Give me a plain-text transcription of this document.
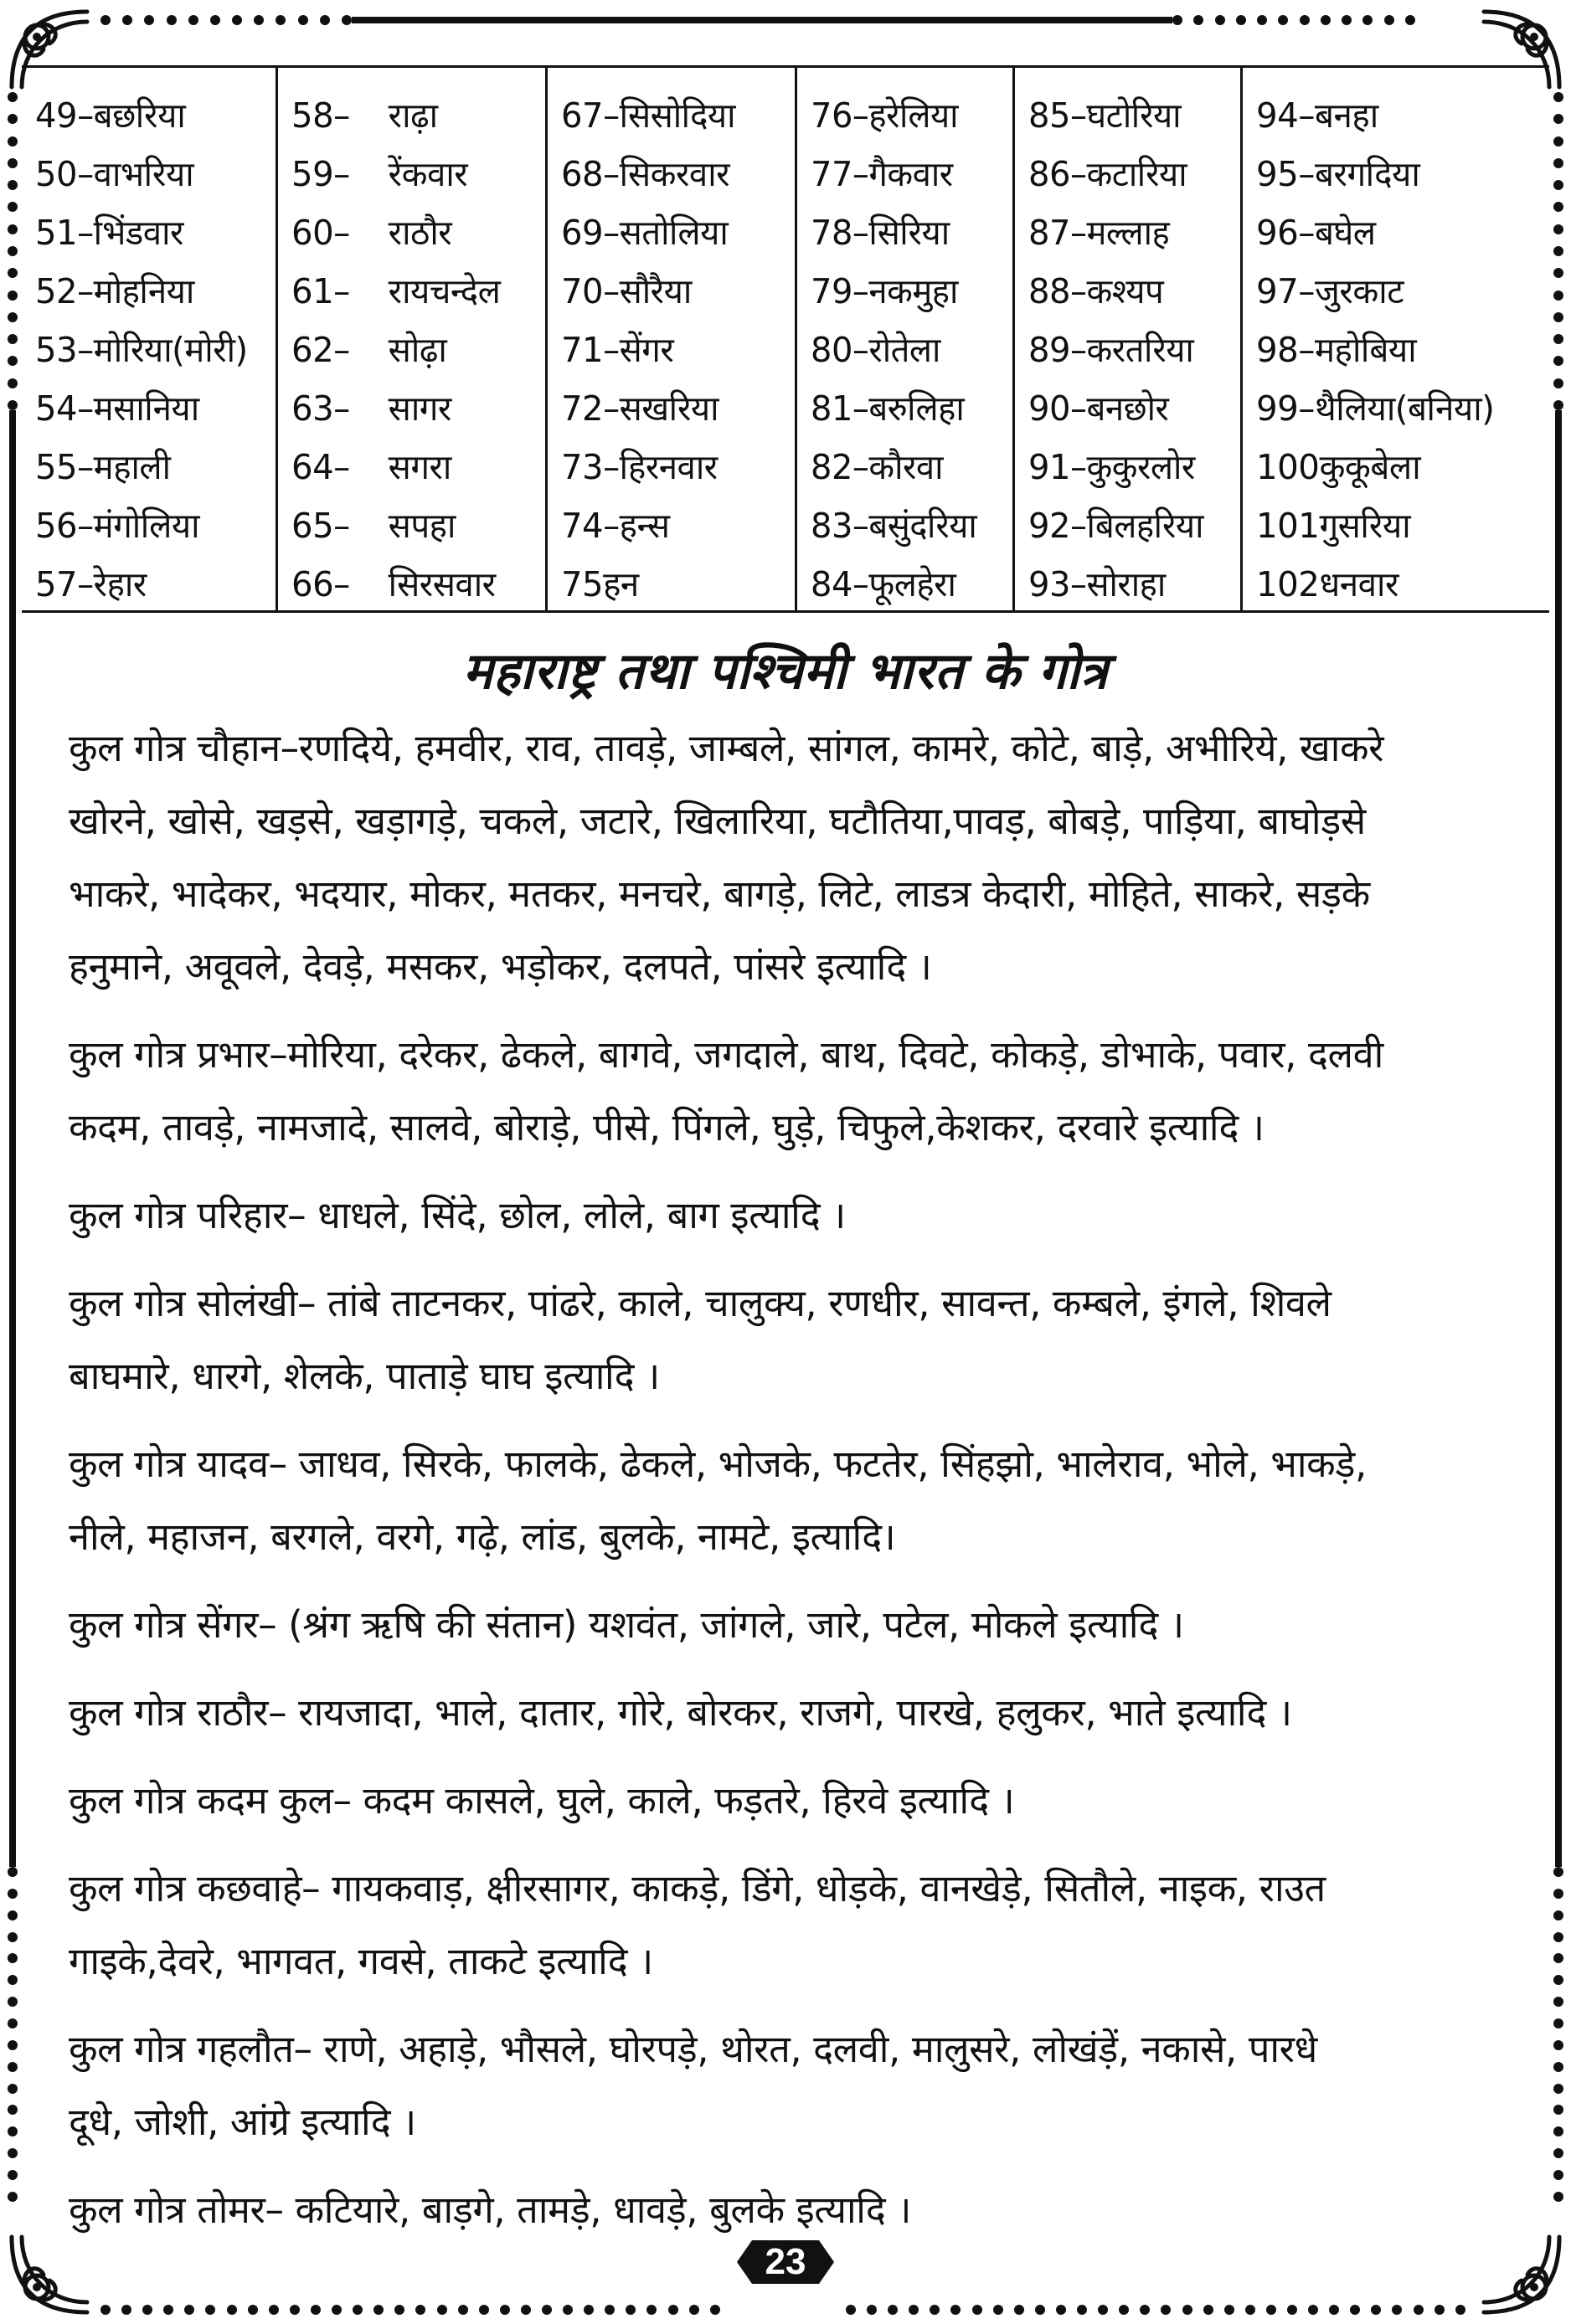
49–बछरिया
50–वाभरिया
51–भिंडवार
52–मोहनिया
53–मोरिया(मोरी)
54–मसानिया
55–महाली
56–मंगोलिया
57–रेहार
58– राढ़ा
59– रेंकवार
60– राठौर
61– रायचन्देल
62– सोढ़ा
63– सागर
64– सगरा
65– सपहा
66– सिरसवार
67–सिसोदिया
68–सिकरवार
69–सतोलिया
70–सौरैया
71–सेंगर
72–सखरिया
73–हिरनवार
74–हन्स
75हन
76–हरेलिया
77–गैकवार
78–सिरिया
79–नकमुहा
80–रोतेला
81–बरुलिहा
82–कौरवा
83–बसुंदरिया
84–फूलहेरा
85–घटोरिया
86–कटारिया
87–मल्लाह
88–कश्यप
89–करतरिया
90–बनछोर
91–कुकुरलोर
92–बिलहरिया
93–सोराहा
94–बनहा
95–बरगदिया
96–बघेल
97–जुरकाट
98–महोबिया
99–थैलिया(बनिया)
100कुकूबेला
101गुसरिया
102धनवार
महाराष्ट्र तथा पश्चिमी भारत के गोत्र
कुल गोत्र चौहान–रणदिये, हमवीर, राव, तावड़े, जाम्बले, सांगल, कामरे, कोटे, बाड़े, अभीरिये, खाकरे
खोरने, खोसे, खड़से, खड़ागड़े, चकले, जटारे, खिलारिया, घटौतिया,पावड़, बोबड़े, पाड़िया, बाघोड़से
भाकरे, भादेकर, भदयार, मोकर, मतकर, मनचरे, बागड़े, लिटे, लाडत्र केदारी, मोहिते, साकरे, सड़के
हनुमाने, अवूवले, देवड़े, मसकर, भड़ोकर, दलपते, पांसरे इत्यादि ।
कुल गोत्र प्रभार–मोरिया, दरेकर, ढेकले, बागवे, जगदाले, बाथ, दिवटे, कोकड़े, डोभाके, पवार, दलवी
कदम, तावड़े, नामजादे, सालवे, बोराड़े, पीसे, पिंगले, घुड़े, चिफुले,केशकर, दरवारे इत्यादि ।
कुल गोत्र परिहार– धाधले, सिंदे, छोल, लोले, बाग इत्यादि ।
कुल गोत्र सोलंखी– तांबे ताटनकर, पांढरे, काले, चालुक्य, रणधीर, सावन्त, कम्बले, इंगले, शिवले
बाघमारे, धारगे, शेलके, पाताड़े घाघ इत्यादि ।
कुल गोत्र यादव– जाधव, सिरके, फालके, ढेकले, भोजके, फटतेर, सिंहझो, भालेराव, भोले, भाकड़े,
नीले, महाजन, बरगले, वरगे, गढ़े, लांड, बुलके, नामटे, इत्यादि।
कुल गोत्र सेंगर– (श्रंग ऋषि की संतान) यशवंत, जांगले, जारे, पटेल, मोकले इत्यादि ।
कुल गोत्र राठौर– रायजादा, भाले, दातार, गोरे, बोरकर, राजगे, पारखे, हलुकर, भाते इत्यादि ।
कुल गोत्र कदम कुल– कदम कासले, घुले, काले, फड़तरे, हिरवे इत्यादि ।
कुल गोत्र कछवाहे– गायकवाड़, क्षीरसागर, काकड़े, डिंगे, धोड़के, वानखेड़े, सितौले, नाइक, राउत
गाइके,देवरे, भागवत, गवसे, ताकटे इत्यादि ।
कुल गोत्र गहलौत– राणे, अहाड़े, भौसले, घोरपड़े, थोरत, दलवी, मालुसरे, लोखंड़ें, नकासे, पारधे
दूधे, जोशी, आंग्रे इत्यादि ।
कुल गोत्र तोमर– कटियारे, बाड़गे, तामड़े, धावड़े, बुलके इत्यादि ।
23
